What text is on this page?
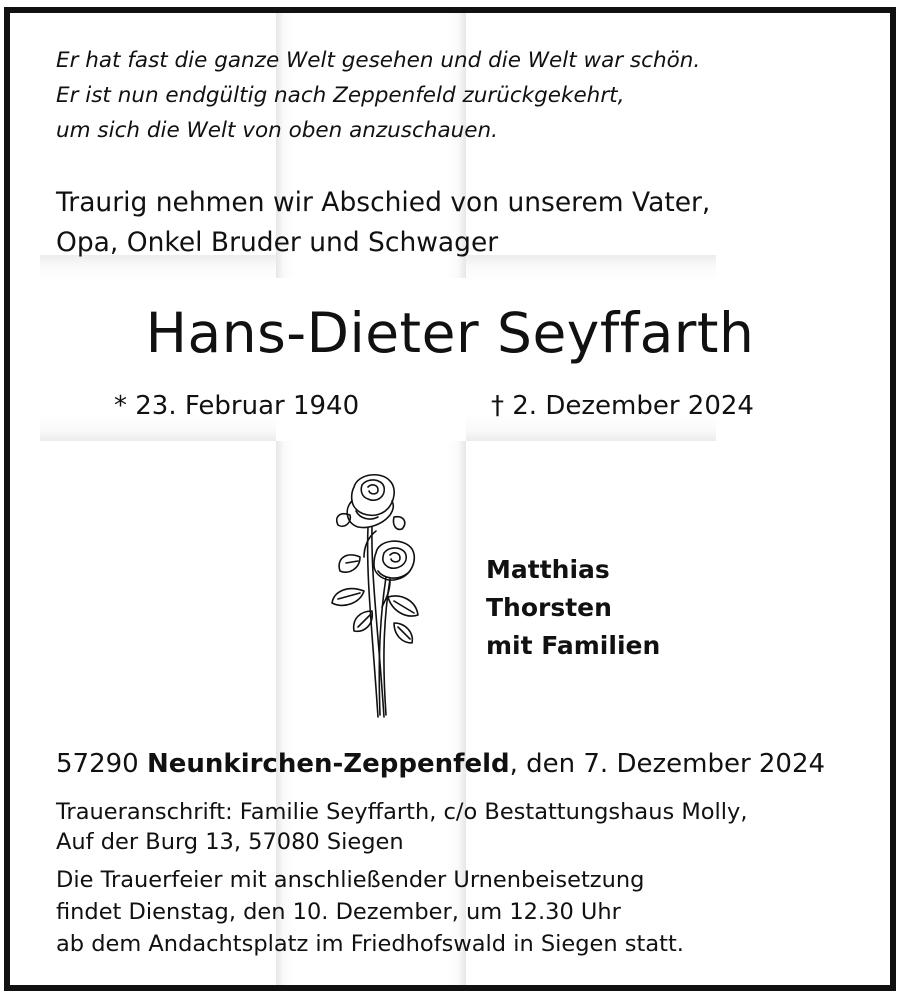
Er hat fast die ganze Welt gesehen und die Welt war schön.
Er ist nun endgültig nach Zeppenfeld zurückgekehrt,
um sich die Welt von oben anzuschauen.
Traurig nehmen wir Abschied von unserem Vater,
Opa, Onkel Bruder und Schwager
Hans-Dieter Seyffarth
* 23. Februar 1940	† 2. Dezember 2024
Matthias
Thorsten
mit Familien
57290 Neunkirchen-Zeppenfeld, den 7. Dezember 2024
Traueranschrift: Familie Seyffarth, c/o Bestattungshaus Molly,
Auf der Burg 13, 57080 Siegen
Die Trauerfeier mit anschließender Urnenbeisetzung
findet Dienstag, den 10. Dezember, um 12.30 Uhr
ab dem Andachtsplatz im Friedhofswald in Siegen statt.
